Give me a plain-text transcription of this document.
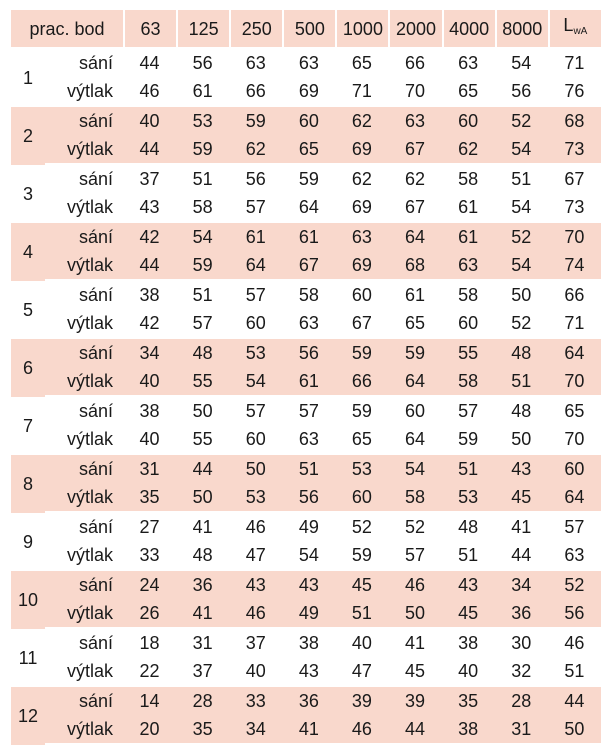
prac. bod		63	125	250	500	1000	2000	4000	8000	$L_{wA}$
1	sání	44	56	63	63	65	66	63	54	71
	výtlak	46	61	66	69	71	70	65	56	76
2	sání	40	53	59	60	62	63	60	52	68
	výtlak	44	59	62	65	69	67	62	54	73
3	sání	37	51	56	59	62	62	58	51	67
	výtlak	43	58	57	64	69	67	61	54	73
4	sání	42	54	61	61	63	64	61	52	70
	výtlak	44	59	64	67	69	68	63	54	74
5	sání	38	51	57	58	60	61	58	50	66
	výtlak	42	57	60	63	67	65	60	52	71
6	sání	34	48	53	56	59	59	55	48	64
	výtlak	40	55	54	61	66	64	58	51	70
7	sání	38	50	57	57	59	60	57	48	65
	výtlak	40	55	60	63	65	64	59	50	70
8	sání	31	44	50	51	53	54	51	43	60
	výtlak	35	50	53	56	60	58	53	45	64
9	sání	27	41	46	49	52	52	48	41	57
	výtlak	33	48	47	54	59	57	51	44	63
10	sání	24	36	43	43	45	46	43	34	52
	výtlak	26	41	46	49	51	50	45	36	56
11	sání	18	31	37	38	40	41	38	30	46
	výtlak	22	37	40	43	47	45	40	32	51
12	sání	14	28	33	36	39	39	35	28	44
	výtlak	20	35	34	41	46	44	38	31	50
